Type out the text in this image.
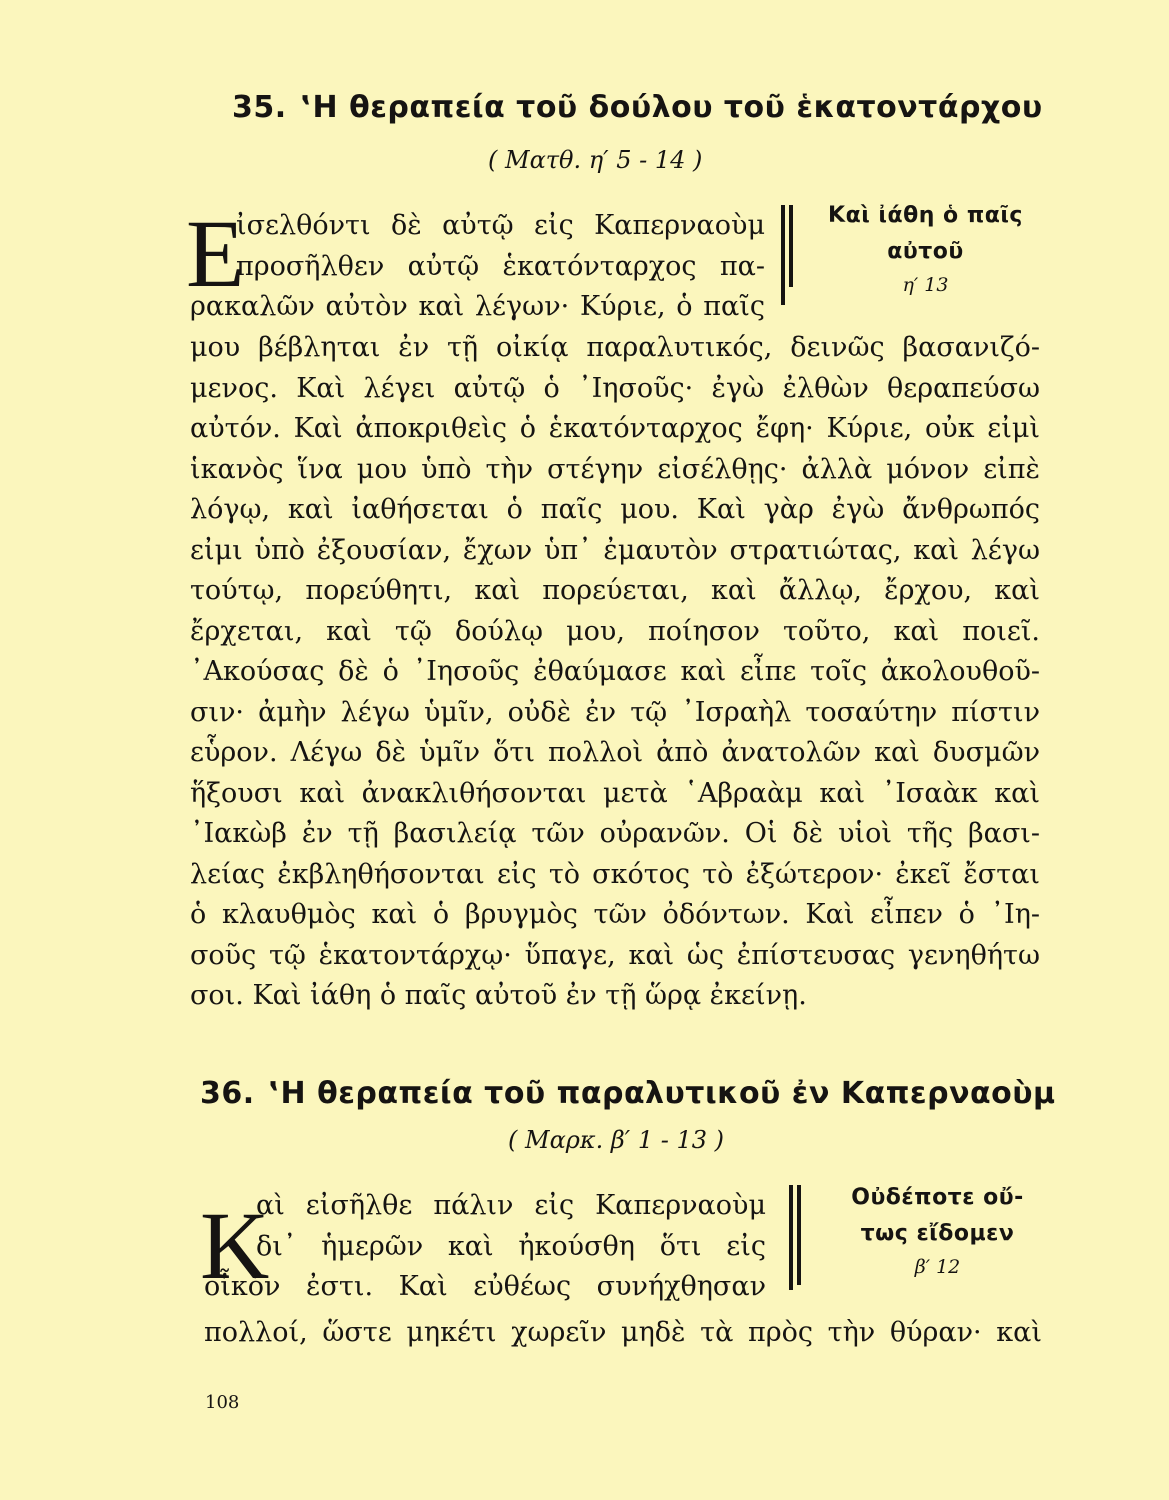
35. ‛Η θεραπεία τοῦ δούλου τοῦ ἑκατοντάρχου
( Ματθ. η′ 5 - 14 )
E	Καὶ ἰάθη ὁ παῖς
αὐτοῦ
η′ 13
ἰσελθόντι δὲ αὐτῷ εἰς Καπερναοὺμ
προσῆλθεν αὐτῷ ἑκατόνταρχος πα-
ρακαλῶν αὐτὸν καὶ λέγων· Κύριε, ὁ παῖς
μου βέβληται ἐν τῇ οἰκίᾳ παραλυτικός, δεινῶς βασανιζό-
μενος. Καὶ λέγει αὐτῷ ὁ ᾿Ιησοῦς· ἐγὼ ἐλθὼν θεραπεύσω
αὐτόν. Καὶ ἀποκριθεὶς ὁ ἑκατόνταρχος ἔφη· Κύριε, οὐκ εἰμὶ
ἱκανὸς ἵνα μου ὑπὸ τὴν στέγην εἰσέλθῃς· ἀλλὰ μόνον εἰπὲ
λόγῳ, καὶ ἰαθήσεται ὁ παῖς μου. Καὶ γὰρ ἐγὼ ἄνθρωπός
εἰμι ὑπὸ ἐξουσίαν, ἔχων ὑπ᾿ ἐμαυτὸν στρατιώτας, καὶ λέγω
τούτῳ, πορεύθητι, καὶ πορεύεται, καὶ ἄλλῳ, ἔρχου, καὶ
ἔρχεται, καὶ τῷ δούλῳ μου, ποίησον τοῦτο, καὶ ποιεῖ.
᾿Ακούσας δὲ ὁ ᾿Ιησοῦς ἐθαύμασε καὶ εἶπε τοῖς ἀκολουθοῦ-
σιν· ἀμὴν λέγω ὑμῖν, οὐδὲ ἐν τῷ ᾿Ισραὴλ τοσαύτην πίστιν
εὗρον. Λέγω δὲ ὑμῖν ὅτι πολλοὶ ἀπὸ ἀνατολῶν καὶ δυσμῶν
ἥξουσι καὶ ἀνακλιθήσονται μετὰ ῾Αβραὰμ καὶ ᾿Ισαὰκ καὶ
᾿Ιακὼβ ἐν τῇ βασιλείᾳ τῶν οὐρανῶν. Οἱ δὲ υἱοὶ τῆς βασι-
λείας ἐκβληθήσονται εἰς τὸ σκότος τὸ ἐξώτερον· ἐκεῖ ἔσται
ὁ κλαυθμὸς καὶ ὁ βρυγμὸς τῶν ὀδόντων. Καὶ εἶπεν ὁ ᾿Ιη-
σοῦς τῷ ἑκατοντάρχῳ· ὕπαγε, καὶ ὡς ἐπίστευσας γενηθήτω
σοι. Καὶ ἰάθη ὁ παῖς αὐτοῦ ἐν τῇ ὥρᾳ ἐκείνῃ.
36. ‛Η θεραπεία τοῦ παραλυτικοῦ ἐν Καπερναοὺμ
( Μαρκ. β′ 1 - 13 )
K	Οὐδέποτε οὔ-
τως εἴδομεν
β′ 12
αὶ εἰσῆλθε πάλιν εἰς Καπερναοὺμ
δι᾿ ἡμερῶν καὶ ἠκούσθη ὅτι εἰς
οἶκόν ἐστι. Καὶ εὐθέως συνήχθησαν
πολλοί, ὥστε μηκέτι χωρεῖν μηδὲ τὰ πρὸς τὴν θύραν· καὶ
108
